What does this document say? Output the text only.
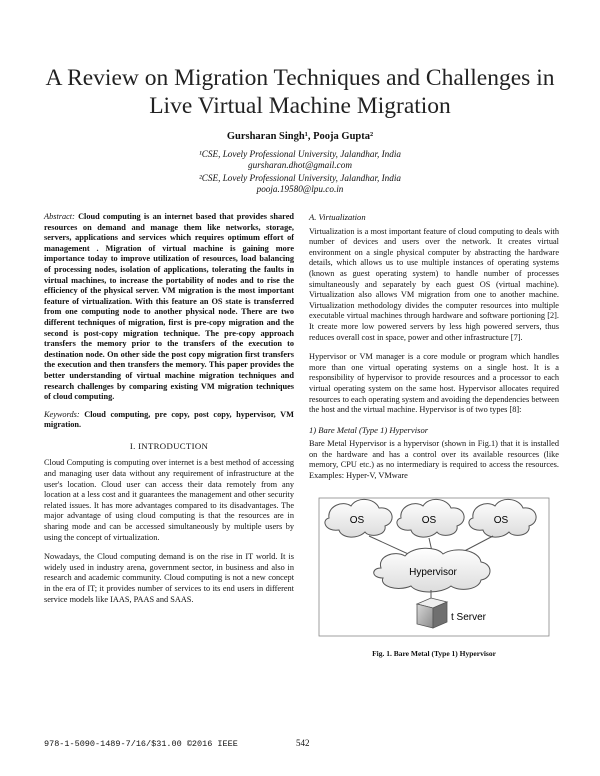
A Review on Migration Techniques and Challenges in
Live Virtual Machine Migration
Gursharan Singh¹, Pooja Gupta²
¹CSE, Lovely Professional University, Jalandhar, India
gursharan.dhot@gmail.com
²CSE, Lovely Professional University, Jalandhar, India
pooja.19580@lpu.co.in

Abstract: Cloud computing is an internet based that provides shared resources on demand and manage them like networks, storage, servers, applications and services which requires optimum effort of management . Migration of virtual machine is gaining more importance today to improve utilization of resources, load balancing of processing nodes, isolation of applications, tolerating the faults in virtual machines, to increase the portability of nodes and to rise the efficiency of the physical server. VM migration is the most important feature of virtualization. With this feature an OS state is transferred from one computing node to another physical node. There are two different techniques of migration, first is pre-copy migration and the second is post-copy migration technique. The pre-copy approach transfers the memory prior to the transfers of the execution to destination node. On other side the post copy migration first transfers the execution and then transfers the memory. This paper provides the better understanding of virtual machine migration techniques and research challenges by comparing existing VM migration techniques of cloud computing.

Keywords: Cloud computing, pre copy, post copy, hypervisor, VM migration.

I. INTRODUCTION

Cloud Computing is computing over internet is a best method of accessing and managing user data without any requirement of infrastructure at the user's location. Cloud user can access their data remotely from any location at a less cost and it guarantees the management and other security related issues. It has more advantages compared to its disadvantages. The major advantage of using cloud computing is that the resources are in sharing mode and can be accessed simultaneously by multiple users by using the concept of virtualization.

Nowadays, the Cloud computing demand is on the rise in IT world. It is widely used in industry arena, government sector, in business and also in research and academic community. Cloud computing is not a new concept in the era of IT; it provides number of services to its end users in different service models like IAAS, PAAS and SAAS.

A. Virtualization

Virtualization is a most important feature of cloud computing to deals with number of devices and users over the network. It creates virtual environment on a single physical computer by abstracting the hardware details, which allows us to use multiple instances of operating systems (known as guest operating system) to handle number of processes simultaneously and separately by each guest OS (virtual machine). Virtualization also allows VM migration from one to another machine. Virtualization methodology divides the computer resources into multiple executable virtual machines through hardware and software portioning [2]. It create more low powered servers by less high powered servers, thus reduces overall cost in space, power and other infrastructure [7].

Hypervisor or VM manager is a core module or program which handles more than one virtual operating systems on a single host. It is a responsibility of hypervisor to provide resources and a processor to each virtual operating system on the same host. Hypervisor allocates required resources to each operating system and avoiding the dependencies between the host and the virtual machine. Hypervisor is of two types [8]:

1) Bare Metal (Type 1) Hypervisor

Bare Metal Hypervisor is a hypervisor (shown in Fig.1) that it is installed on the hardware and has a control over its available resources (like memory, CPU etc.) as no intermediary is required to access the resources. Examples: Hyper-V, VMware

OS	OS	OS
Hypervisor
t Server
Fig. 1. Bare Metal (Type 1) Hypervisor
978-1-5090-1489-7/16/$31.00 ©2016 IEEE	542
